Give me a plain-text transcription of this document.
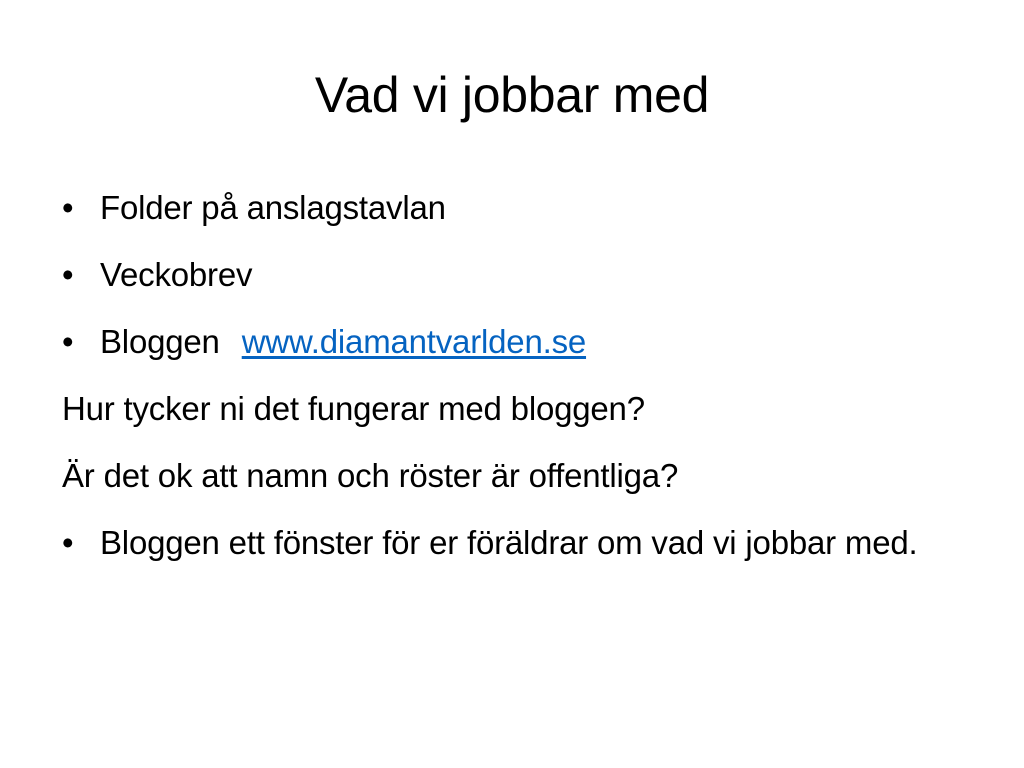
Vad vi jobbar med
• Folder på anslagstavlan
• Veckobrev
• Bloggen www.diamantvarlden.se
Hur tycker ni det fungerar med bloggen?
Är det ok att namn och röster är offentliga?
• Bloggen ett fönster för er föräldrar om vad vi jobbar med.
